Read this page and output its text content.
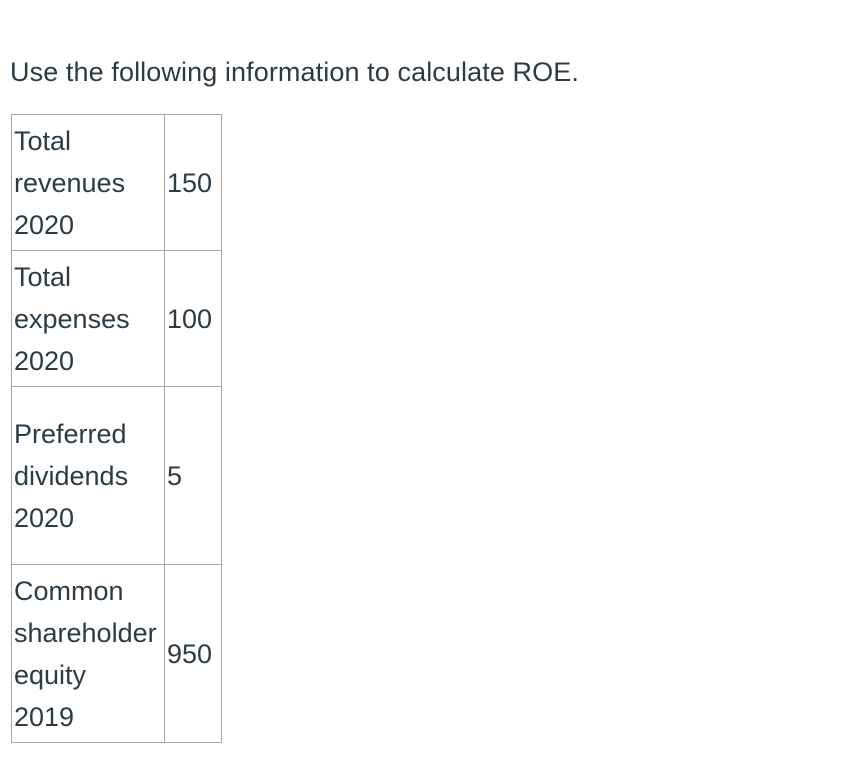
Use the following information to calculate ROE.

Total
revenues
2020	150

Total
expenses
2020	100

Preferred
dividends
2020	5

Common
shareholder
equity
2019	950
